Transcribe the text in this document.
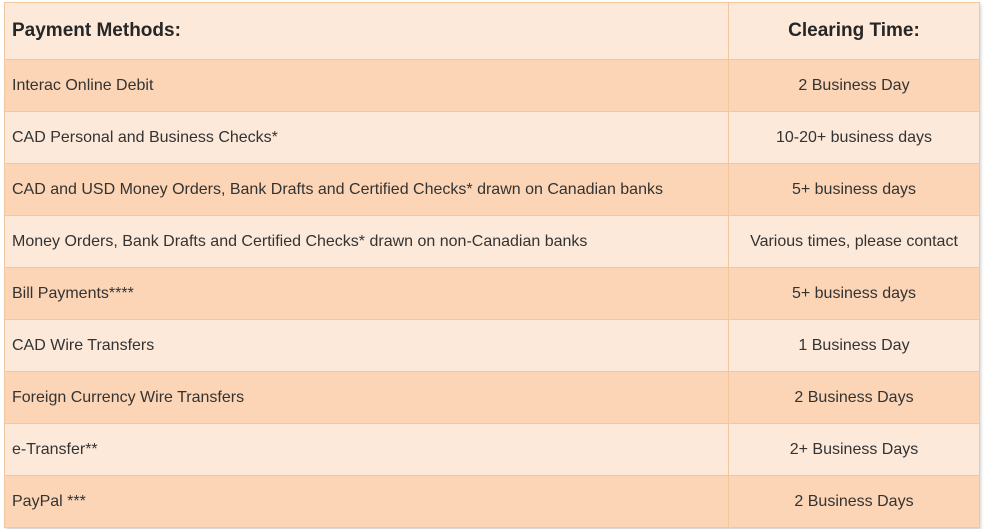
Payment Methods:	Clearing Time:
Interac Online Debit	2 Business Day
CAD Personal and Business Checks*	10-20+ business days
CAD and USD Money Orders, Bank Drafts and Certified Checks* drawn on Canadian banks	5+ business days
Money Orders, Bank Drafts and Certified Checks* drawn on non-Canadian banks	Various times, please contact
Bill Payments****	5+ business days
CAD Wire Transfers	1 Business Day
Foreign Currency Wire Transfers	2 Business Days
e-Transfer**	2+ Business Days
PayPal ***	2 Business Days
